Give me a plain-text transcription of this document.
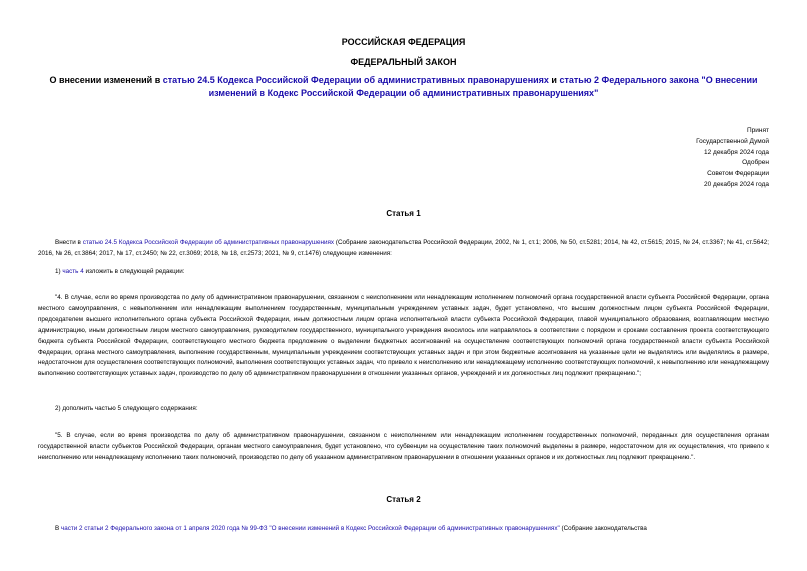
РОССИЙСКАЯ ФЕДЕРАЦИЯ
ФЕДЕРАЛЬНЫЙ ЗАКОН
О внесении изменений в статью 24.5 Кодекса Российской Федерации об административных правонарушениях и статью 2 Федерального закона "О внесении изменений в Кодекс Российской Федерации об административных правонарушениях"
Принят
Государственной Думой
12 декабря 2024 года
Одобрен
Советом Федерации
20 декабря 2024 года
Статья 1

Внести в статью 24.5 Кодекса Российской Федерации об административных правонарушениях (Собрание законодательства Российской Федерации, 2002, № 1, ст.1; 2006, № 50, ст.5281; 2014, № 42, ст.5615; 2015, № 24, ст.3367; № 41, ст.5642; 2016, № 26, ст.3864; 2017, № 17, ст.2450; № 22, ст.3069; 2018, № 18, ст.2573; 2021, № 9, ст.1476) следующие изменения:

1) часть 4 изложить в следующей редакции:

"4. В случае, если во время производства по делу об административном правонарушении, связанном с неисполнением или ненадлежащим исполнением полномочий органа государственной власти субъекта Российской Федерации, органа местного самоуправления, с невыполнением или ненадлежащим выполнением государственным, муниципальным учреждением уставных задач, будет установлено, что высшим должностным лицом субъекта Российской Федерации, председателем высшего исполнительного органа субъекта Российской Федерации, иным должностным лицом органа исполнительной власти субъекта Российской Федерации, главой муниципального образования, возглавляющим местную администрацию, иным должностным лицом местного самоуправления, руководителем государственного, муниципального учреждения вносилось или направлялось в соответствии с порядком и сроками составления проекта соответствующего бюджета субъекта Российской Федерации, соответствующего местного бюджета предложение о выделении бюджетных ассигнований на осуществление соответствующих полномочий органа государственной власти субъекта Российской Федерации, органа местного самоуправления, выполнение государственным, муниципальным учреждением соответствующих уставных задач и при этом бюджетные ассигнования на указанные цели не выделялись или выделялись в размере, недостаточном для осуществления соответствующих полномочий, выполнения соответствующих уставных задач, что привело к неисполнению или ненадлежащему исполнению соответствующих полномочий, к невыполнению или ненадлежащему выполнению соответствующих уставных задач, производство по делу об административном правонарушении в отношении указанных органов, учреждений и их должностных лиц подлежит прекращению.";

2) дополнить частью 5 следующего содержания:

"5. В случае, если во время производства по делу об административном правонарушении, связанном с неисполнением или ненадлежащим исполнением государственных полномочий, переданных для осуществления органам государственной власти субъектов Российской Федерации, органам местного самоуправления, будет установлено, что субвенции на осуществление таких полномочий выделены в размере, недостаточном для их осуществления, что привело к неисполнению или ненадлежащему исполнению таких полномочий, производство по делу об указанном административном правонарушении в отношении указанных органов и их должностных лиц подлежит прекращению.".

Статья 2

В части 2 статьи 2 Федерального закона от 1 апреля 2020 года № 99-ФЗ "О внесении изменений в Кодекс Российской Федерации об административных правонарушениях" (Собрание законодательства
